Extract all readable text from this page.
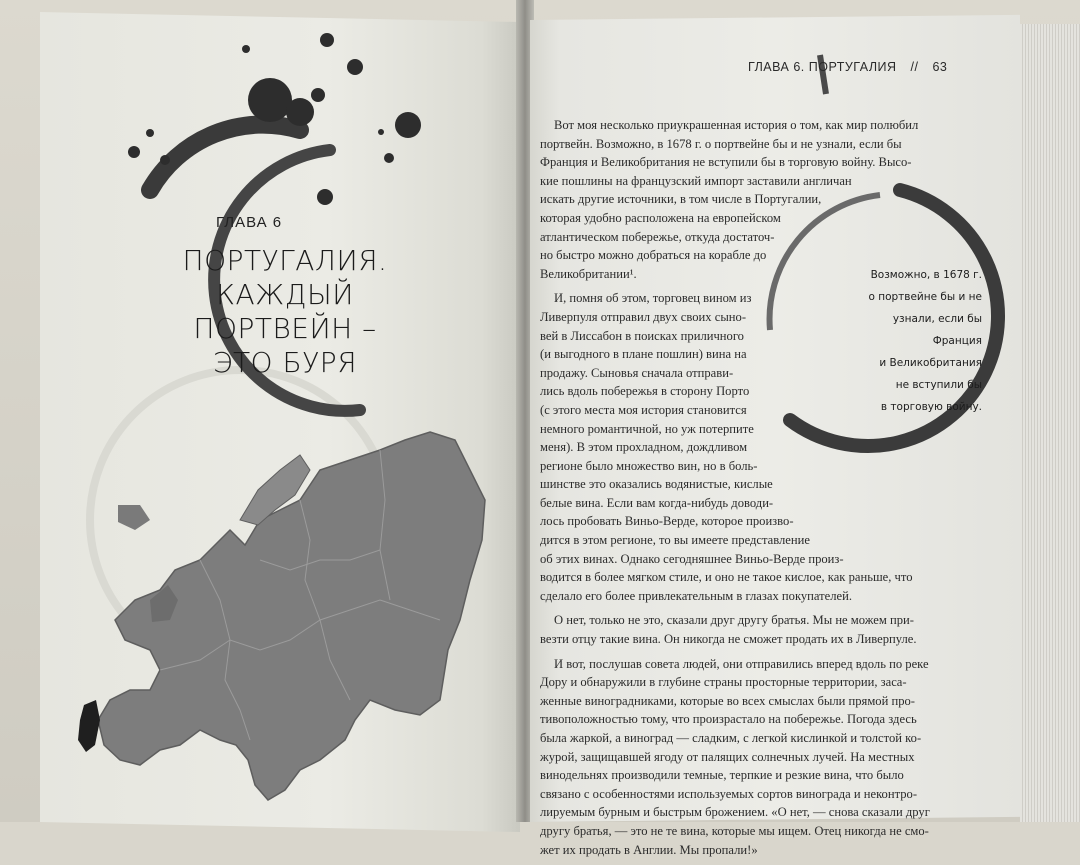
ГЛАВА 6
ПОРТУГАЛИЯ.
КАЖДЫЙ ПОРТВЕЙН –
ЭТО БУРЯ
ГЛАВА 6. ПОРТУГАЛИЯ // 63

Вот моя несколько приукрашенная история о том, как мир полюбил
портвейн. Возможно, в 1678 г. о портвейне бы и не узнали, если бы
Франция и Великобритания не вступили бы в торговую войну. Высо-
кие пошлины на французский импорт заставили англичан
искать другие источники, в том числе в Португалии,
которая удобно расположена на европейском
атлантическом побережье, откуда достаточ-
но быстро можно добраться на корабле до
Великобритании¹.

И, помня об этом, торговец вином из
Ливерпуля отправил двух своих сыно-
вей в Лиссабон в поисках приличного
(и выгодного в плане пошлин) вина на
продажу. Сыновья сначала отправи-
лись вдоль побережья в сторону Порто
(с этого места моя история становится
немного романтичной, но уж потерпите
меня). В этом прохладном, дождливом
регионе было множество вин, но в боль-
шинстве это оказались водянистые, кислые
белые вина. Если вам когда-нибудь доводи-
лось пробовать Виньо-Верде, которое произво-
дится в этом регионе, то вы имеете представление
об этих винах. Однако сегодняшнее Виньо-Верде произ-
водится в более мягком стиле, и оно не такое кислое, как раньше, что
сделало его более привлекательным в глазах покупателей.

О нет, только не это, сказали друг другу братья. Мы не можем при-
везти отцу такие вина. Он никогда не сможет продать их в Ливерпуле.

И вот, послушав совета людей, они отправились вперед вдоль по реке
Дору и обнаружили в глубине страны просторные территории, засa-
женные виноградниками, которые во всех смыслах были прямой про-
тивоположностью тому, что произрастало на побережье. Погода здесь
была жаркой, а виноград — сладким, с легкой кислинкой и толстой ко-
журой, защищавшей ягоду от палящих солнечных лучей. На местных
винодельнях производили темные, терпкие и резкие вина, что было
связано с особенностями используемых сортов винограда и неконтро-
лируемым бурным и быстрым брожением. «О нет, — снова сказали друг
другу братья, — это не те вина, которые мы ищем. Отец никогда не смо-
жет их продать в Англии. Мы пропали!»

Возможно, в 1678 г.
о портвейне бы и не
узнали, если бы Франция
и Великобритания
не вступили бы
в торговую войну.
